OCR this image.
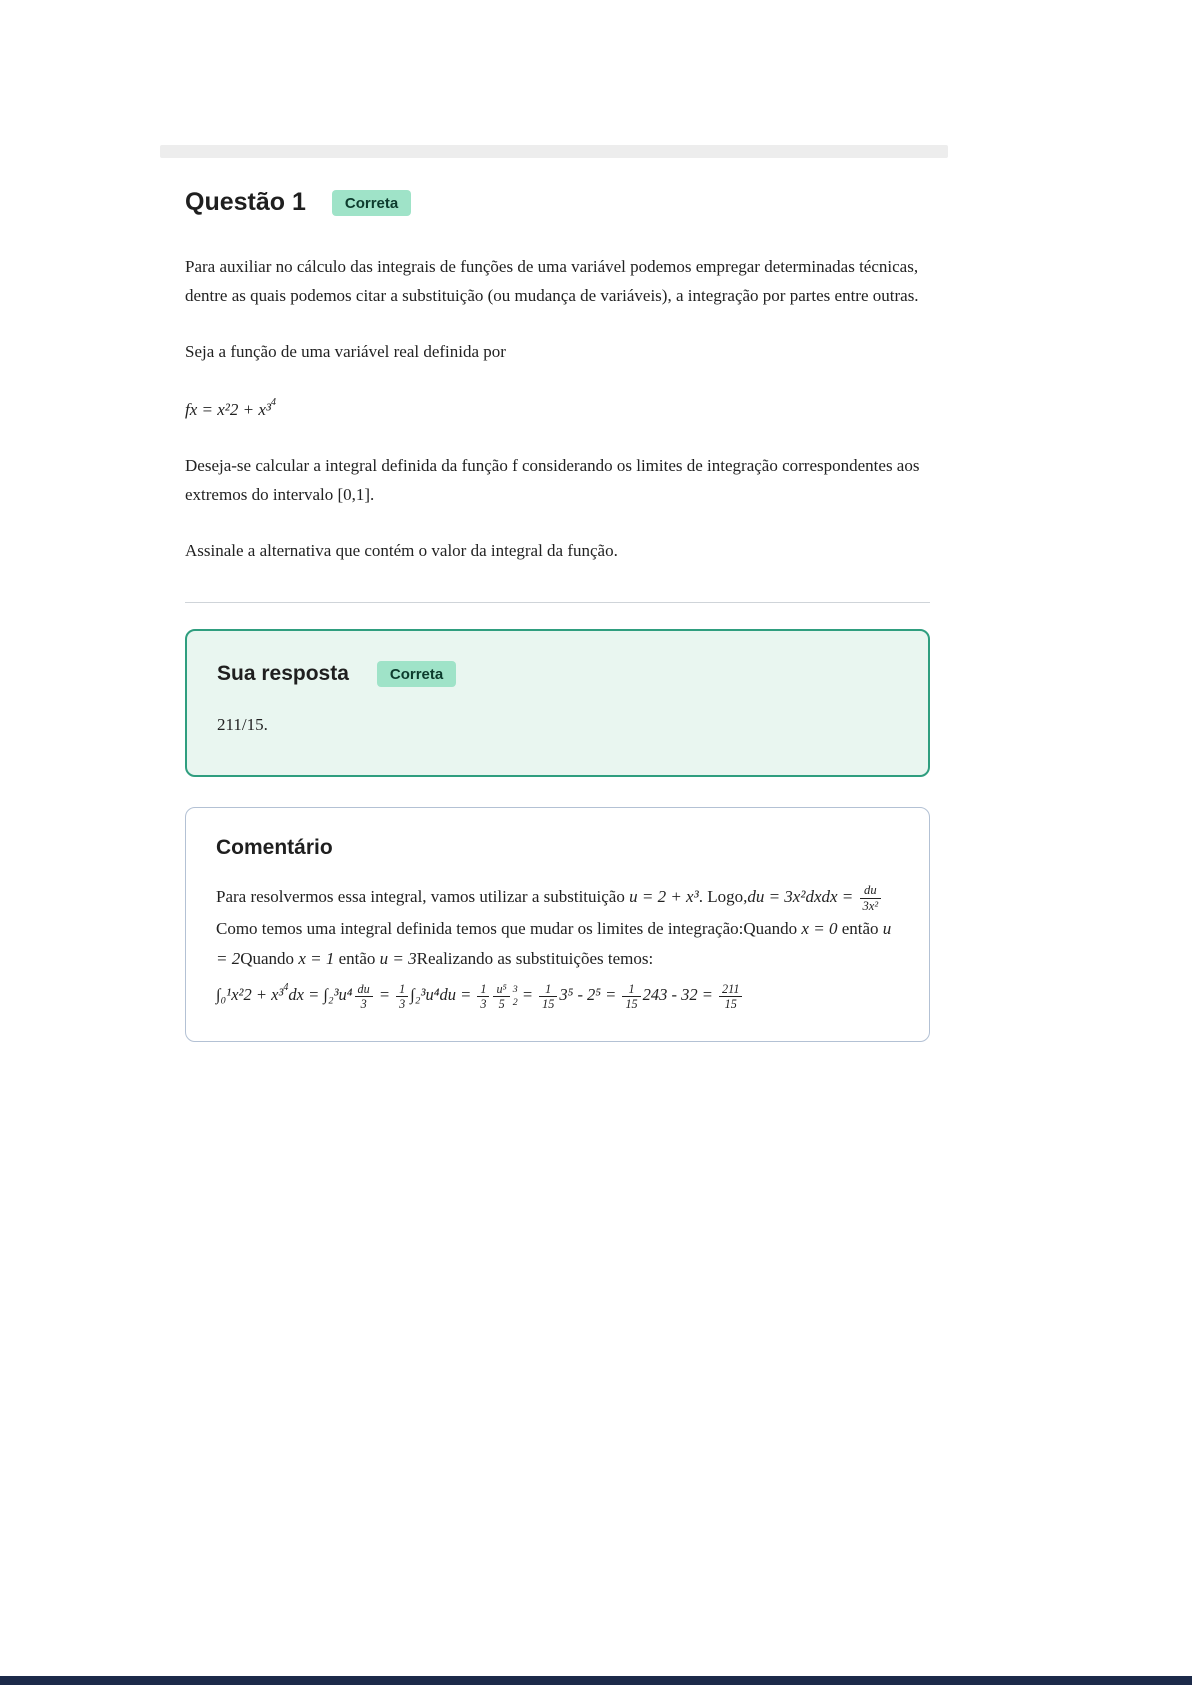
Questão 1	Correta

Para auxiliar no cálculo das integrais de funções de uma variável podemos empregar determinadas técnicas, dentre as quais podemos citar a substituição (ou mudança de variáveis), a integração por partes entre outras.

Seja a função de uma variável real definida por

fx = x²2 + x³$^4$

Deseja-se calcular a integral definida da função f considerando os limites de integração correspondentes aos extremos do intervalo [0,1].

Assinale a alternativa que contém o valor da integral da função.

Sua resposta	Correta

211/15.

Comentário

Para resolvermos essa integral, vamos utilizar a substituição u = 2 + x³. Logo,du = 3x²dxdx = $\frac{du}{\text{3x²}}$
Como temos uma integral definida temos que mudar os limites de integração:Quando x = 0 então u = 2Quando x = 1 então u = 3Realizando as substituições temos:

$\int_0^1x^22 + x^3^4dx = \int_2^3u^4 \frac{du}{3} = \frac{1}{3} \int_2^3u^4du = \frac{1}{3} \frac{\text{u⁵}}{5} 3$
$2 = \frac{1}{15} 3^5 - 2^5 = \frac{1}{15} 243 - 32 = \frac{211}{15}$
